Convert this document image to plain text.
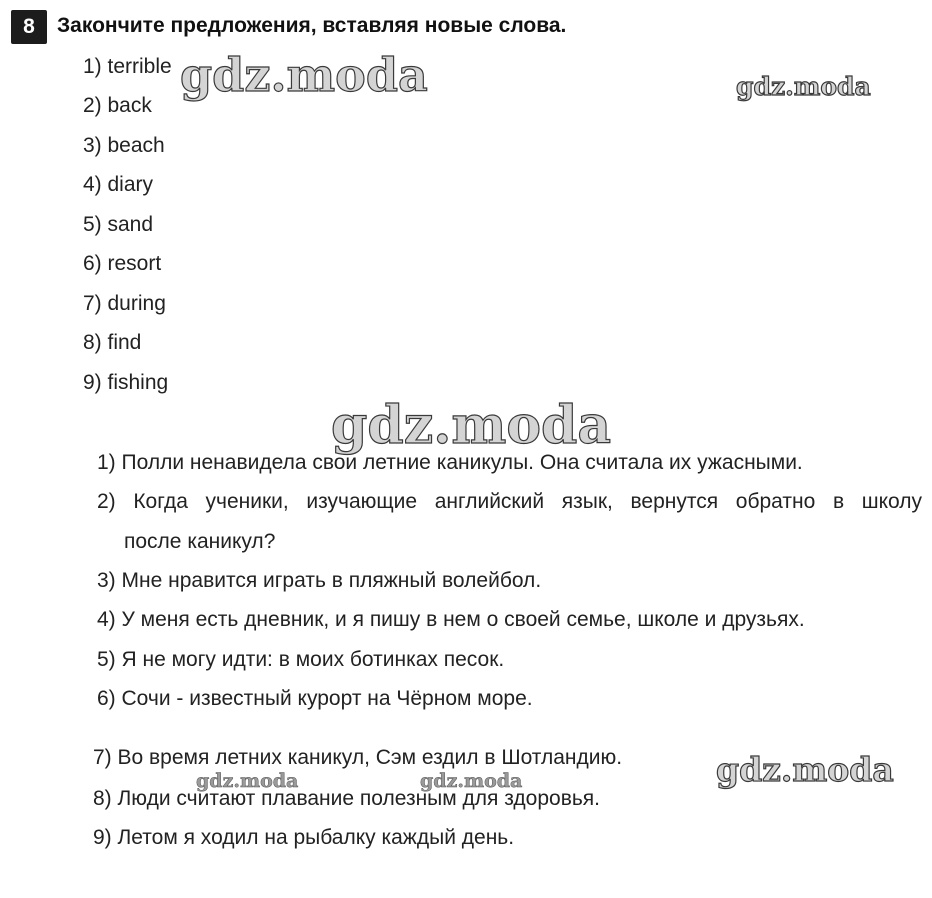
8	Закончите предложения, вставляя новые слова.
1) terrible
2) back
3) beach
4) diary
5) sand
6) resort
7) during
8) find
9) fishing
1) Полли ненавидела свои летние каникулы. Она считала их ужасными.
2) Когда ученики, изучающие английский язык, вернутся обратно в школу
после каникул?
3) Мне нравится играть в пляжный волейбол.
4) У меня есть дневник, и я пишу в нем о своей семье, школе и друзьях.
5) Я не могу идти: в моих ботинках песок.
6) Сочи - известный курорт на Чёрном море.
7) Во время летних каникул, Сэм ездил в Шотландию.
8) Люди считают плавание полезным для здоровья.
9) Летом я ходил на рыбалку каждый день.
gdz.moda	gdz.moda
gdz.moda
gdz.moda
gdz.moda	gdz.moda
